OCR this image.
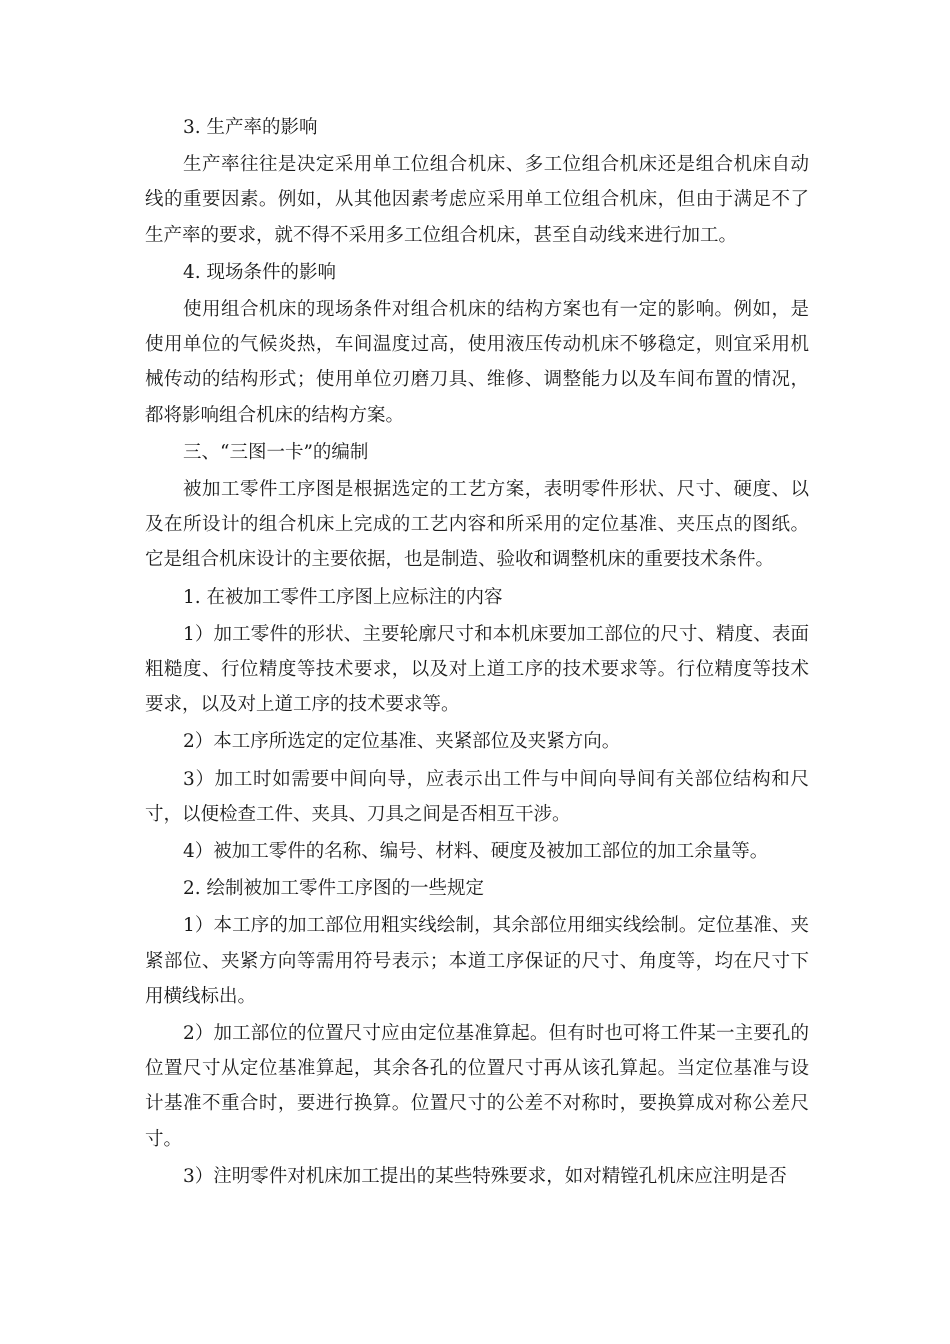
3. 生产率的影响

生产率往往是决定采用单工位组合机床、多工位组合机床还是组合机床自动线的重要因素。例如，从其他因素考虑应采用单工位组合机床，但由于满足不了生产率的要求，就不得不采用多工位组合机床，甚至自动线来进行加工。

4. 现场条件的影响

使用组合机床的现场条件对组合机床的结构方案也有一定的影响。例如，是使用单位的气候炎热，车间温度过高，使用液压传动机床不够稳定，则宜采用机械传动的结构形式；使用单位刃磨刀具、维修、调整能力以及车间布置的情况，都将影响组合机床的结构方案。

三、“三图一卡”的编制

被加工零件工序图是根据选定的工艺方案，表明零件形状、尺寸、硬度、以及在所设计的组合机床上完成的工艺内容和所采用的定位基准、夹压点的图纸。它是组合机床设计的主要依据，也是制造、验收和调整机床的重要技术条件。

1. 在被加工零件工序图上应标注的内容

1）加工零件的形状、主要轮廓尺寸和本机床要加工部位的尺寸、精度、表面粗糙度、行位精度等技术要求，以及对上道工序的技术要求等。行位精度等技术要求，以及对上道工序的技术要求等。

2）本工序所选定的定位基准、夹紧部位及夹紧方向。

3）加工时如需要中间向导，应表示出工件与中间向导间有关部位结构和尺寸，以便检查工件、夹具、刀具之间是否相互干涉。

4）被加工零件的名称、编号、材料、硬度及被加工部位的加工余量等。

2. 绘制被加工零件工序图的一些规定

1）本工序的加工部位用粗实线绘制，其余部位用细实线绘制。定位基准、夹紧部位、夹紧方向等需用符号表示；本道工序保证的尺寸、角度等，均在尺寸下用横线标出。

2）加工部位的位置尺寸应由定位基准算起。但有时也可将工件某一主要孔的位置尺寸从定位基准算起，其余各孔的位置尺寸再从该孔算起。当定位基准与设计基准不重合时，要进行换算。位置尺寸的公差不对称时，要换算成对称公差尺寸。

3）注明零件对机床加工提出的某些特殊要求，如对精镗孔机床应注明是否
